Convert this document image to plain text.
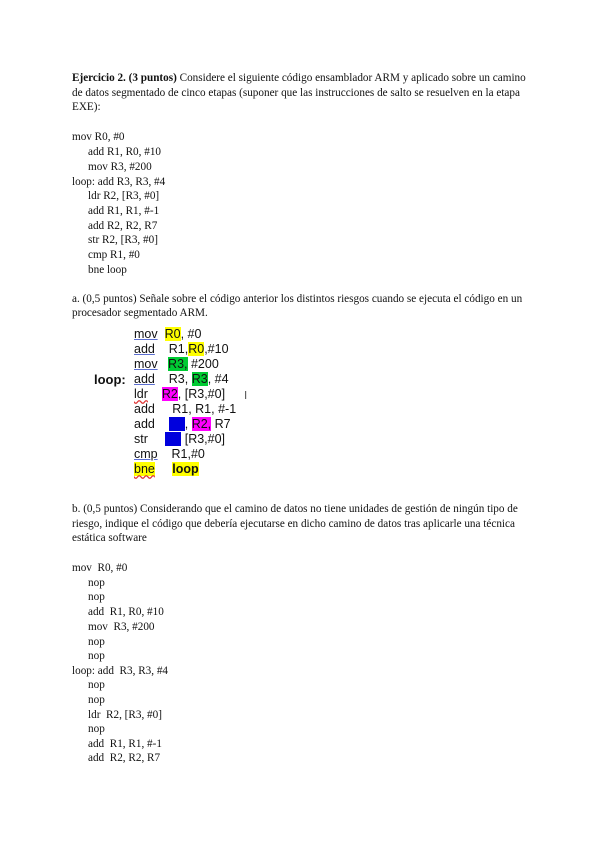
Ejercicio 2. (3 puntos) Considere el siguiente código ensamblador ARM y aplicado sobre un camino
de datos segmentado de cinco etapas (suponer que las instrucciones de salto se resuelven en la etapa
EXE):
mov R0, #0
add R1, R0, #10
mov R3, #200
loop: add R3, R3, #4
ldr R2, [R3, #0]
add R1, R1, #-1
add R2, R2, R7
str R2, [R3, #0]
cmp R1, #0
bne loop
a. (0,5 puntos) Señale sobre el código anterior los distintos riesgos cuando se ejecuta el código en un
procesador segmentado ARM.
mov R0, #0
add R1,R0,#10
mov R3, #200
loop: add R3, R3, #4
ldr R2, [R3,#0]
add R1, R1, #-1
add R2, R2, R7
str R2 [R3,#0]
cmp R1,#0
bne loop
I
b. (0,5 puntos) Considerando que el camino de datos no tiene unidades de gestión de ningún tipo de
riesgo, indique el código que debería ejecutarse en dicho camino de datos tras aplicarle una técnica
estática software
mov  R0, #0
nop
nop
add  R1, R0, #10
mov  R3, #200
nop
nop
loop: add  R3, R3, #4
nop
nop
ldr  R2, [R3, #0]
nop
add  R1, R1, #-1
add  R2, R2, R7
